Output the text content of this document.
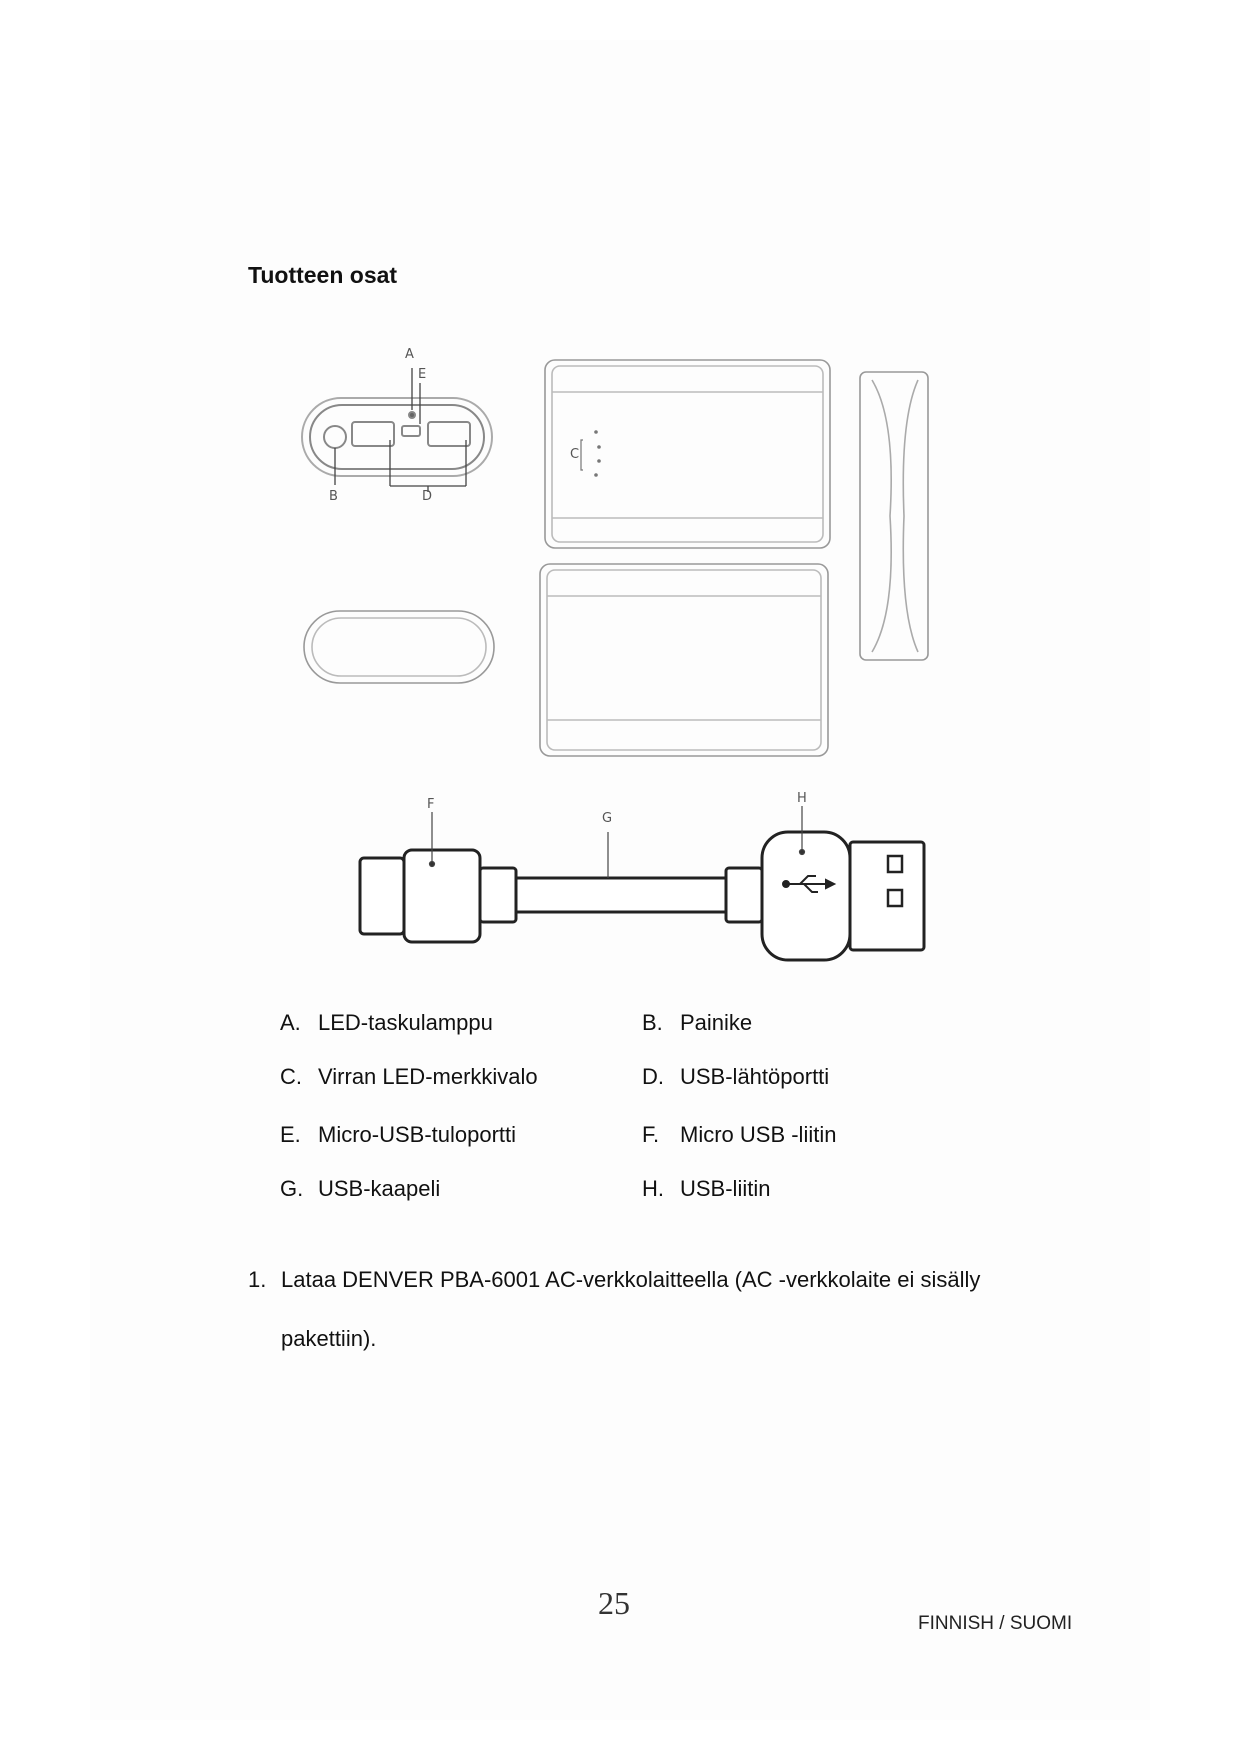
Tuotteen osat
A
E
B	D
C
F
G
H
A. LED-taskulamppu	B. Painike
C. Virran LED-merkkivalo	D. USB-lähtöportti
E. Micro-USB-tuloportti	F. Micro USB -liitin
G. USB-kaapeli	H. USB-liitin
1. Lataa DENVER PBA-6001 AC-verkkolaitteella (AC -verkkolaite ei sisälly pakettiin).
25
FINNISH / SUOMI
